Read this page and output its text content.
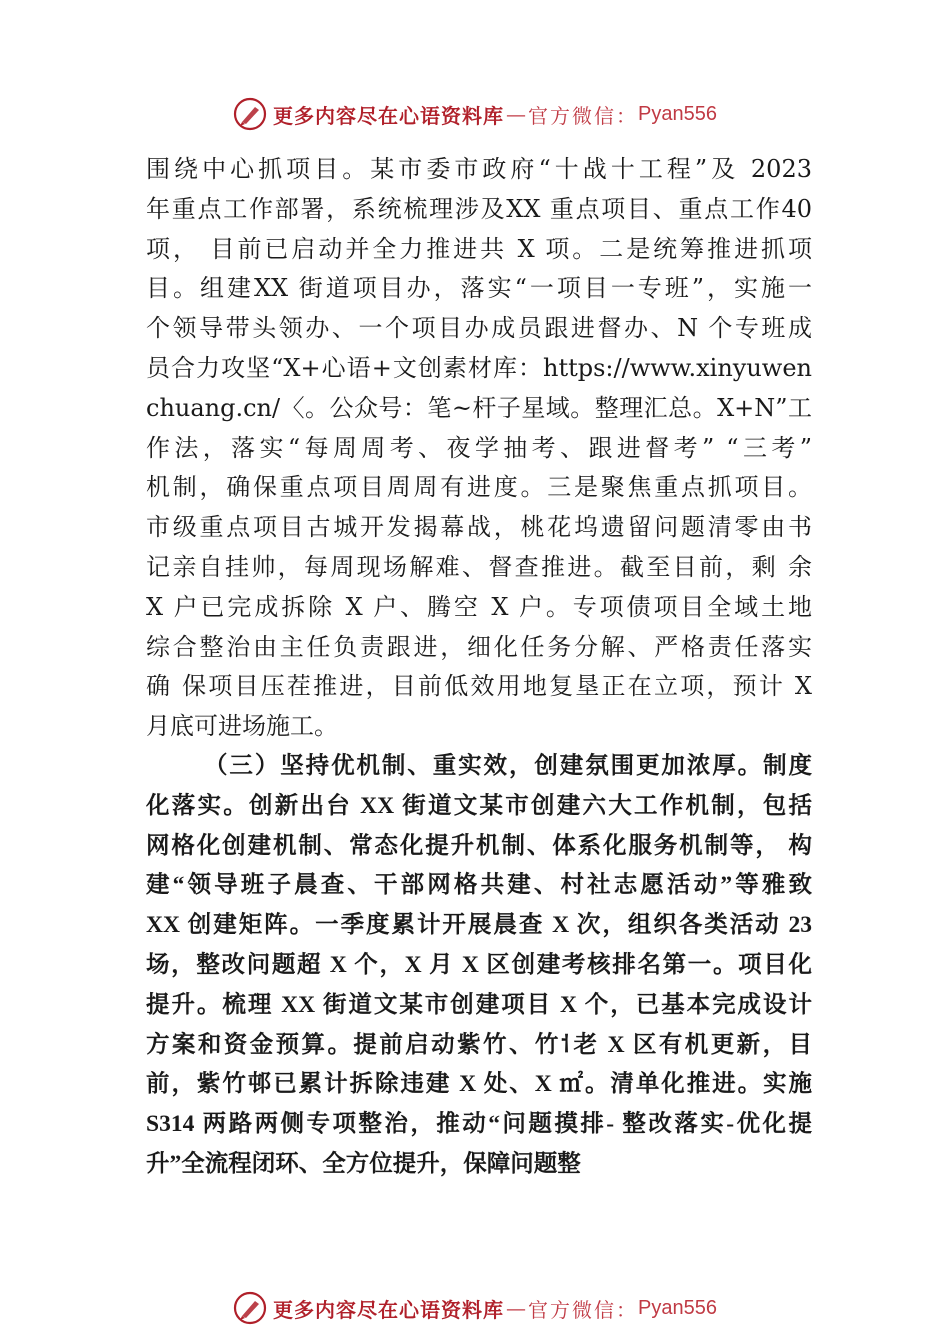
更多内容尽在心语资料库 — 官方微信： Pyan556
围绕中心抓项目。某市委市政府“十战十工程”及 2023
年重点工作部署，系统梳理涉及XX 重点项目、重点工作40
项， 目前已启动并全力推进共 X 项。二是统筹推进抓项
目。组建XX 街道项目办，落实“一项目一专班”，实施一
个领导带头领办、一个项目办成员跟进督办、N 个专班成
员合力攻坚“X+心语+文创素材库：https://www.xinyuwen
chuang.cn/〈。公众号：笔~杆子星域。整理汇总。X+N”工
作法，落实“每周周考、夜学抽考、跟进督考” “三考”
机制，确保重点项目周周有进度。三是聚焦重点抓项目。
市级重点项目古城开发揭幕战，桃花坞遗留问题清零由书
记亲自挂帅，每周现场解难、督查推进。截至目前，剩 余
X 户已完成拆除 X 户、腾空 X 户。专项债项目全域土地
综合整治由主任负责跟进，细化任务分解、严格责任落实
确 保项目压茬推进，目前低效用地复垦正在立项，预计 X
月底可进场施工。
（三）坚持优机制、重实效，创建氛围更加浓厚。制度
化落实。创新出台 XX 街道文某市创建六大工作机制，包括
网格化创建机制、常态化提升机制、体系化服务机制等， 构
建“领导班子晨查、干部网格共建、村社志愿活动”等雅致
XX 创建矩阵。一季度累计开展晨查 X 次，组织各类活动 23
场，整改问题超 X 个，X 月 X 区创建考核排名第一。项目化
提升。梳理 XX 街道文某市创建项目 X 个，已基本完成设计
方案和资金预算。提前启动紫竹、竹⸶老 X 区有机更新，目
前，紫竹邨已累计拆除违建 X 处、X ㎡。清单化推进。实施
S314 两路两侧专项整治，推动“问题摸排- 整改落实-优化提
升”全流程闭环、全方位提升，保障问题整
更多内容尽在心语资料库 — 官方微信： Pyan556
